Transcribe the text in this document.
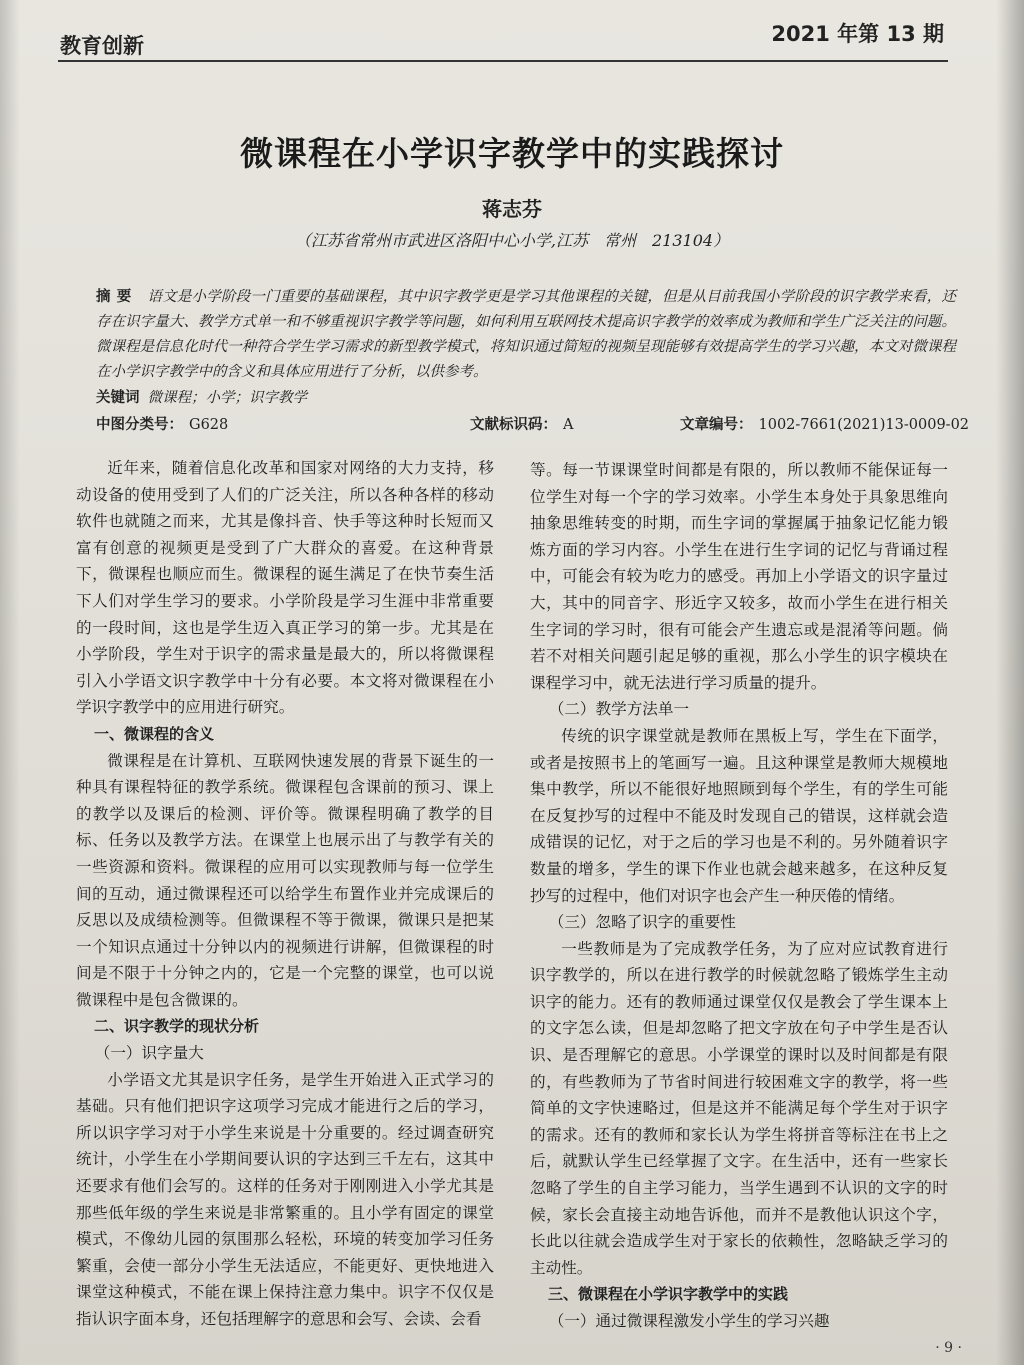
教育创新	2021 年第 13 期
微课程在小学识字教学中的实践探讨
蒋志芬
（江苏省常州市武进区洛阳中心小学,江苏　常州　213104）
摘要 语文是小学阶段一门重要的基础课程，其中识字教学更是学习其他课程的关键，但是从目前我国小学阶段的识字教学来看，还存在识字量大、教学方式单一和不够重视识字教学等问题，如何利用互联网技术提高识字教学的效率成为教师和学生广泛关注的问题。微课程是信息化时代一种符合学生学习需求的新型教学模式，将知识通过简短的视频呈现能够有效提高学生的学习兴趣，本文对微课程在小学识字教学中的含义和具体应用进行了分析，以供参考。
关键词 微课程；小学；识字教学
中图分类号： G628	文献标识码： A	文章编号： 1002-7661(2021)13-0009-02

近年来，随着信息化改革和国家对网络的大力支持，移动设备的使用受到了人们的广泛关注，所以各种各样的移动软件也就随之而来，尤其是像抖音、快手等这种时长短而又富有创意的视频更是受到了广大群众的喜爱。在这种背景下，微课程也顺应而生。微课程的诞生满足了在快节奏生活下人们对学生学习的要求。小学阶段是学习生涯中非常重要的一段时间，这也是学生迈入真正学习的第一步。尤其是在小学阶段，学生对于识字的需求量是最大的，所以将微课程引入小学语文识字教学中十分有必要。本文将对微课程在小学识字教学中的应用进行研究。

一、微课程的含义

微课程是在计算机、互联网快速发展的背景下诞生的一种具有课程特征的教学系统。微课程包含课前的预习、课上的教学以及课后的检测、评价等。微课程明确了教学的目标、任务以及教学方法。在课堂上也展示出了与教学有关的一些资源和资料。微课程的应用可以实现教师与每一位学生间的互动，通过微课程还可以给学生布置作业并完成课后的反思以及成绩检测等。但微课程不等于微课，微课只是把某一个知识点通过十分钟以内的视频进行讲解，但微课程的时间是不限于十分钟之内的，它是一个完整的课堂，也可以说微课程中是包含微课的。

二、识字教学的现状分析

（一）识字量大

小学语文尤其是识字任务，是学生开始进入正式学习的基础。只有他们把识字这项学习完成才能进行之后的学习，所以识字学习对于小学生来说是十分重要的。经过调查研究统计，小学生在小学期间要认识的字达到三千左右，这其中还要求有他们会写的。这样的任务对于刚刚进入小学尤其是那些低年级的学生来说是非常繁重的。且小学有固定的课堂模式，不像幼儿园的氛围那么轻松，环境的转变加学习任务繁重，会使一部分小学生无法适应，不能更好、更快地进入课堂这种模式，不能在课上保持注意力集中。识字不仅仅是指认识字面本身，还包括理解字的意思和会写、会读、会看

等。每一节课课堂时间都是有限的，所以教师不能保证每一位学生对每一个字的学习效率。小学生本身处于具象思维向抽象思维转变的时期，而生字词的掌握属于抽象记忆能力锻炼方面的学习内容。小学生在进行生字词的记忆与背诵过程中，可能会有较为吃力的感受。再加上小学语文的识字量过大，其中的同音字、形近字又较多，故而小学生在进行相关生字词的学习时，很有可能会产生遗忘或是混淆等问题。倘若不对相关问题引起足够的重视，那么小学生的识字模块在课程学习中，就无法进行学习质量的提升。

（二）教学方法单一

传统的识字课堂就是教师在黑板上写，学生在下面学，或者是按照书上的笔画写一遍。且这种课堂是教师大规模地集中教学，所以不能很好地照顾到每个学生，有的学生可能在反复抄写的过程中不能及时发现自己的错误，这样就会造成错误的记忆，对于之后的学习也是不利的。另外随着识字数量的增多，学生的课下作业也就会越来越多，在这种反复抄写的过程中，他们对识字也会产生一种厌倦的情绪。

（三）忽略了识字的重要性

一些教师是为了完成教学任务，为了应对应试教育进行识字教学的，所以在进行教学的时候就忽略了锻炼学生主动识字的能力。还有的教师通过课堂仅仅是教会了学生课本上的文字怎么读，但是却忽略了把文字放在句子中学生是否认识、是否理解它的意思。小学课堂的课时以及时间都是有限的，有些教师为了节省时间进行较困难文字的教学，将一些简单的文字快速略过，但是这并不能满足每个学生对于识字的需求。还有的教师和家长认为学生将拼音等标注在书上之后，就默认学生已经掌握了文字。在生活中，还有一些家长忽略了学生的自主学习能力，当学生遇到不认识的文字的时候，家长会直接主动地告诉他，而并不是教他认识这个字，长此以往就会造成学生对于家长的依赖性，忽略缺乏学习的主动性。

三、微课程在小学识字教学中的实践

（一）通过微课程激发小学生的学习兴趣

· 9 ·
